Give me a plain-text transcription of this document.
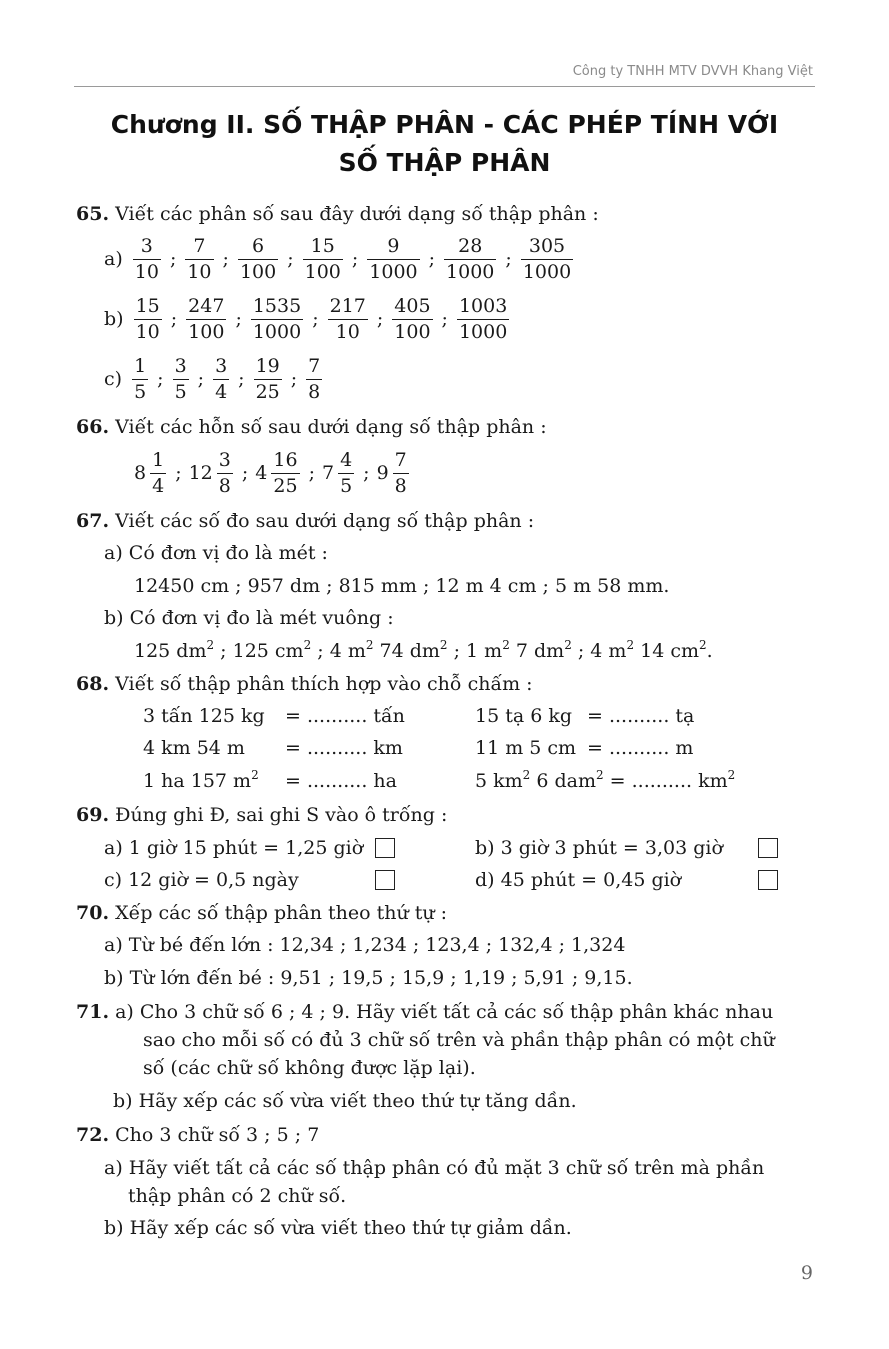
Công ty TNHH MTV DVVH Khang Việt
Chương II. SỐ THẬP PHÂN - CÁC PHÉP TÍNH VỚI
SỐ THẬP PHÂN
65. Viết các phân số sau đây dưới dạng số thập phân :
a)
3
10
;
7
10
;
6
100
;
15
100
;
9
1000
;
28
1000
;
305
1000
b)
15
10
;
247
100
;
1535
1000
;
217
10
;
405
100
;
1003
1000
c)
1
5
;
3
5
;
3
4
;
19
25
;
7
8
66. Viết các hỗn số sau dưới dạng số thập phân :
8
1
4
; 12
3
8
; 4
16
25
; 7
4
5
; 9
7
8
67. Viết các số đo sau dưới dạng số thập phân :
a) Có đơn vị đo là mét :
12450 cm ; 957 dm ; 815 mm ; 12 m 4 cm ; 5 m 58 mm.
b) Có đơn vị đo là mét vuông :
125 $dm^2$ ; 125 $cm^2$ ; 4 $m^2$ 74 $dm^2$ ; 1 $m^2$ 7 $dm^2$ ; 4 $m^2$ 14 $cm^2$.
68. Viết số thập phân thích hợp vào chỗ chấm :
3 tấn 125 kg = .......... tấn	15 tạ 6 kg = .......... tạ
4 km 54 m = .......... km	11 m 5 cm = .......... m
1 ha 157 $m^2$ = .......... ha	5 $km^2$ 6 dam$^2$ = .......... $km^2$
69. Đúng ghi Đ, sai ghi S vào ô trống :
a) 1 giờ 15 phút = 1,25 giờ	b) 3 giờ 3 phút = 3,03 giờ
c) 12 giờ = 0,5 ngày	d) 45 phút = 0,45 giờ
70. Xếp các số thập phân theo thứ tự :
a) Từ bé đến lớn : 12,34 ; 1,234 ; 123,4 ; 132,4 ; 1,324
b) Từ lớn đến bé : 9,51 ; 19,5 ; 15,9 ; 1,19 ; 5,91 ; 9,15.
71. a) Cho 3 chữ số 6 ; 4 ; 9. Hãy viết tất cả các số thập phân khác nhau
sao cho mỗi số có đủ 3 chữ số trên và phần thập phân có một chữ
số (các chữ số không được lặp lại).
b) Hãy xếp các số vừa viết theo thứ tự tăng dần.
72. Cho 3 chữ số 3 ; 5 ; 7
a) Hãy viết tất cả các số thập phân có đủ mặt 3 chữ số trên mà phần
thập phân có 2 chữ số.
b) Hãy xếp các số vừa viết theo thứ tự giảm dần.
9
